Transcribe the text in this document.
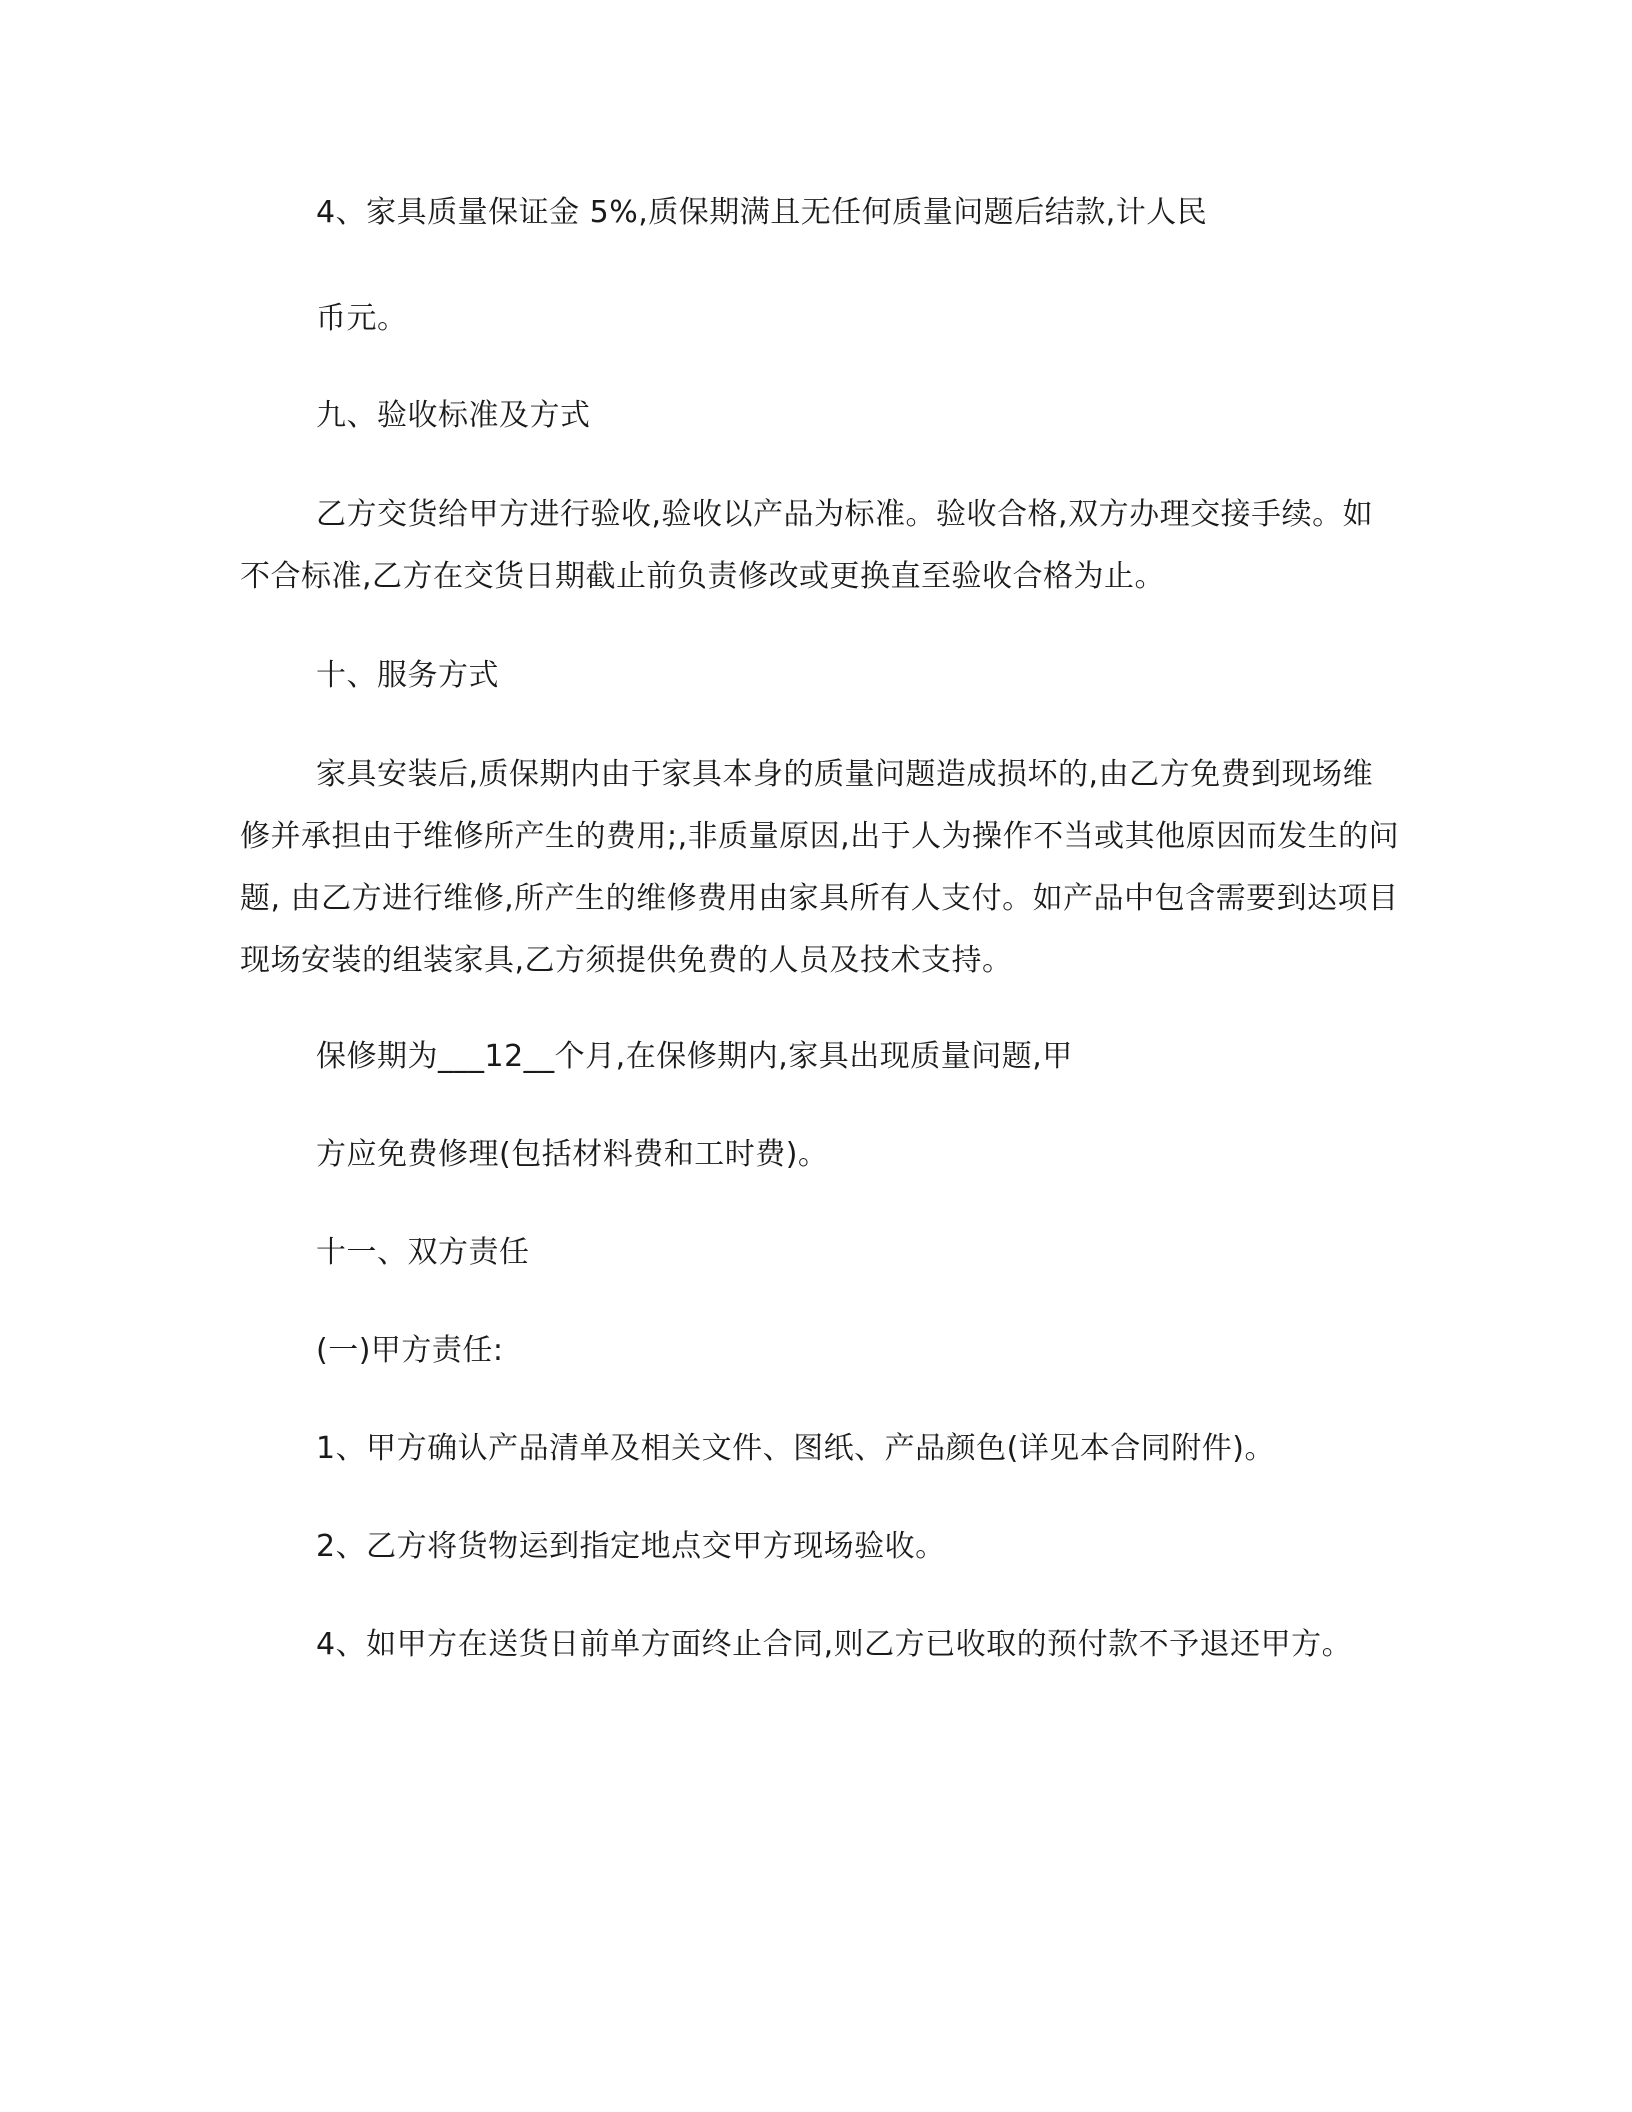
4、家具质量保证金 5%,质保期满且无任何质量问题后结款,计人民

币元。

九、验收标准及方式

乙方交货给甲方进行验收,验收以产品为标准。验收合格,双方办理交接手续。如不合标准,乙方在交货日期截止前负责修改或更换直至验收合格为止。

十、服务方式

家具安装后,质保期内由于家具本身的质量问题造成损坏的,由乙方免费到现场维修并承担由于维修所产生的费用;,非质量原因,出于人为操作不当或其他原因而发生的问题, 由乙方进行维修,所产生的维修费用由家具所有人支付。如产品中包含需要到达项目现场安装的组装家具,乙方须提供免费的人员及技术支持。

保修期为___12__个月,在保修期内,家具出现质量问题,甲

方应免费修理(包括材料费和工时费)。

十一、双方责任

(一)甲方责任:

1、甲方确认产品清单及相关文件、图纸、产品颜色(详见本合同附件)。

2、乙方将货物运到指定地点交甲方现场验收。

4、如甲方在送货日前单方面终止合同,则乙方已收取的预付款不予退还甲方。
